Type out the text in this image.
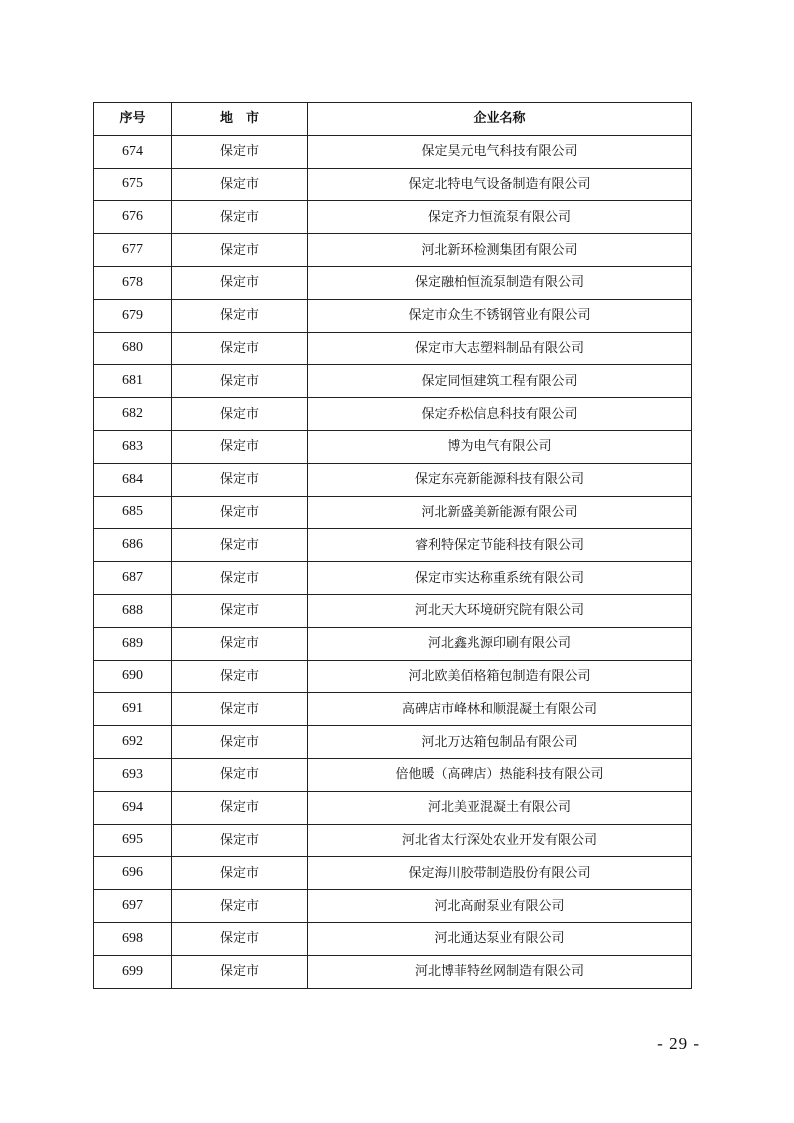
序号	地　市	企业名称
674	保定市	保定昊元电气科技有限公司
675	保定市	保定北特电气设备制造有限公司
676	保定市	保定齐力恒流泵有限公司
677	保定市	河北新环检测集团有限公司
678	保定市	保定融柏恒流泵制造有限公司
679	保定市	保定市众生不锈钢管业有限公司
680	保定市	保定市大志塑料制品有限公司
681	保定市	保定同恒建筑工程有限公司
682	保定市	保定乔松信息科技有限公司
683	保定市	博为电气有限公司
684	保定市	保定东亮新能源科技有限公司
685	保定市	河北新盛美新能源有限公司
686	保定市	睿利特保定节能科技有限公司
687	保定市	保定市实达称重系统有限公司
688	保定市	河北天大环境研究院有限公司
689	保定市	河北鑫兆源印刷有限公司
690	保定市	河北欧美佰格箱包制造有限公司
691	保定市	高碑店市峰林和顺混凝土有限公司
692	保定市	河北万达箱包制品有限公司
693	保定市	倍他暖（高碑店）热能科技有限公司
694	保定市	河北美亚混凝土有限公司
695	保定市	河北省太行深处农业开发有限公司
696	保定市	保定海川胶带制造股份有限公司
697	保定市	河北高耐泵业有限公司
698	保定市	河北通达泵业有限公司
699	保定市	河北博菲特丝网制造有限公司
- 29 -
